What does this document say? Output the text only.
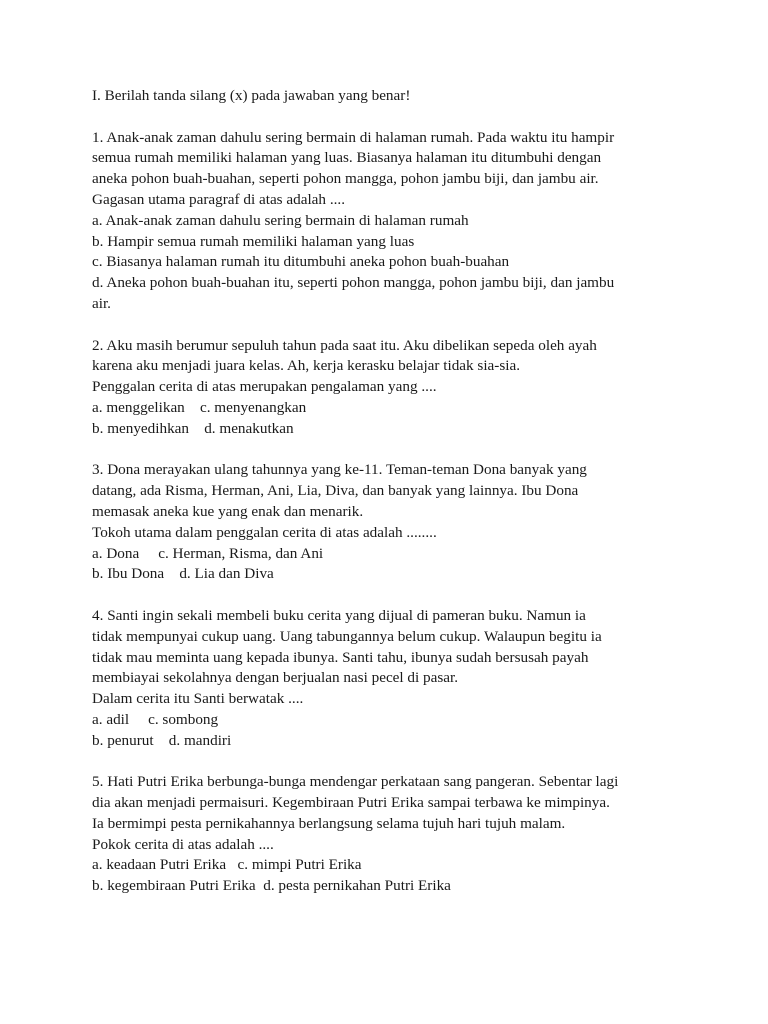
I. Berilah tanda silang (x) pada jawaban yang benar!
1. Anak-anak zaman dahulu sering bermain di halaman rumah. Pada waktu itu hampir
semua rumah memiliki halaman yang luas. Biasanya halaman itu ditumbuhi dengan
aneka pohon buah-buahan, seperti pohon mangga, pohon jambu biji, dan jambu air.
Gagasan utama paragraf di atas adalah ....
a. Anak-anak zaman dahulu sering bermain di halaman rumah
b. Hampir semua rumah memiliki halaman yang luas
c. Biasanya halaman rumah itu ditumbuhi aneka pohon buah-buahan
d. Aneka pohon buah-buahan itu, seperti pohon mangga, pohon jambu biji, dan jambu
air.
2. Aku masih berumur sepuluh tahun pada saat itu. Aku dibelikan sepeda oleh ayah
karena aku menjadi juara kelas. Ah, kerja kerasku belajar tidak sia-sia.
Penggalan cerita di atas merupakan pengalaman yang ....
a. menggelikan    c. menyenangkan
b. menyedihkan    d. menakutkan
3. Dona merayakan ulang tahunnya yang ke-11. Teman-teman Dona banyak yang
datang, ada Risma, Herman, Ani, Lia, Diva, dan banyak yang lainnya. Ibu Dona
memasak aneka kue yang enak dan menarik.
Tokoh utama dalam penggalan cerita di atas adalah ........
a. Dona     c. Herman, Risma, dan Ani
b. Ibu Dona    d. Lia dan Diva
4. Santi ingin sekali membeli buku cerita yang dijual di pameran buku. Namun ia
tidak mempunyai cukup uang. Uang tabungannya belum cukup. Walaupun begitu ia
tidak mau meminta uang kepada ibunya. Santi tahu, ibunya sudah bersusah payah
membiayai sekolahnya dengan berjualan nasi pecel di pasar.
Dalam cerita itu Santi berwatak ....
a. adil     c. sombong
b. penurut    d. mandiri
5. Hati Putri Erika berbunga-bunga mendengar perkataan sang pangeran. Sebentar lagi
dia akan menjadi permaisuri. Kegembiraan Putri Erika sampai terbawa ke mimpinya.
Ia bermimpi pesta pernikahannya berlangsung selama tujuh hari tujuh malam.
Pokok cerita di atas adalah ....
a. keadaan Putri Erika   c. mimpi Putri Erika
b. kegembiraan Putri Erika  d. pesta pernikahan Putri Erika
